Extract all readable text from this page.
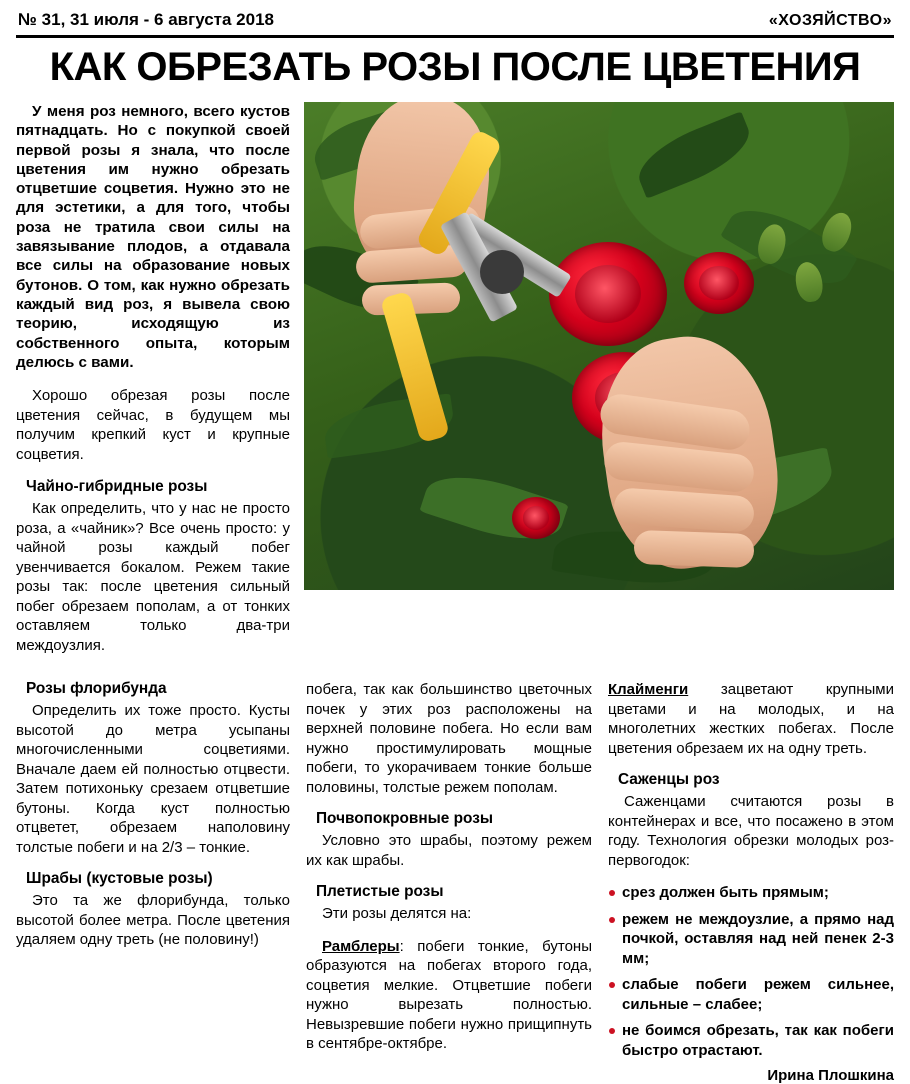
№ 31, 31 июля - 6 августа 2018	«ХОЗЯЙСТВО»
КАК ОБРЕЗАТЬ РОЗЫ ПОСЛЕ ЦВЕТЕНИЯ

У меня роз немного, всего кустов пятнадцать. Но с покупкой своей первой розы я знала, что после цветения им нужно обрезать отцветшие соцветия. Нужно это не для эстетики, а для того, чтобы роза не тратила свои силы на завязывание плодов, а отдавала все силы на образование новых бутонов. О том, как нужно обрезать каждый вид роз, я вывела свою теорию, исходящую из собственного опыта, которым делюсь с вами.

Хорошо обрезая розы после цветения сейчас, в будущем мы получим крепкий куст и крупные соцветия.

Чайно-гибридные розы

Как определить, что у нас не просто роза, а «чайник»? Все очень просто: у чайной розы каждый побег увенчивается бокалом. Режем такие розы так: после цветения сильный побег обрезаем пополам, а от тонких оставляем только два-три междоузлия.

Розы флорибунда

Определить их тоже просто. Кусты высотой до метра усыпаны многочисленными соцветиями. Вначале даем ей полностью отцвести. Затем потихоньку срезаем отцветшие бутоны. Когда куст полностью отцветет, обрезаем наполовину толстые побеги и на 2/3 – тонкие.

Шрабы (кустовые розы)

Это та же флорибунда, только высотой более метра. После цветения удаляем одну треть (не половину!)

побега, так как большинство цветочных почек у этих роз расположены на верхней половине побега. Но если вам нужно простимулировать мощные побеги, то укорачиваем тонкие больше половины, толстые режем пополам.

Почвопокровные розы

Условно это шрабы, поэтому режем их как шрабы.

Плетистые розы

Эти розы делятся на:

Рамблеры: побеги тонкие, бутоны образуются на побегах второго года, соцветия мелкие. Отцветшие побеги нужно вырезать полностью. Невызревшие побеги нужно прищипнуть в сентябре-октябре.

Клайменги зацветают крупными цветами и на молодых, и на многолетних жестких побегах. После цветения обрезаем их на одну треть.

Саженцы роз

Саженцами считаются розы в контейнерах и все, что посажено в этом году. Технология обрезки молодых роз-первогодок:

срез должен быть прямым;
режем не междоузлие, а прямо над почкой, оставляя над ней пенек 2-3 мм;
слабые побеги режем сильнее, сильные – слабее;
не боимся обрезать, так как побеги быстро отрастают.
Ирина Плошкина
